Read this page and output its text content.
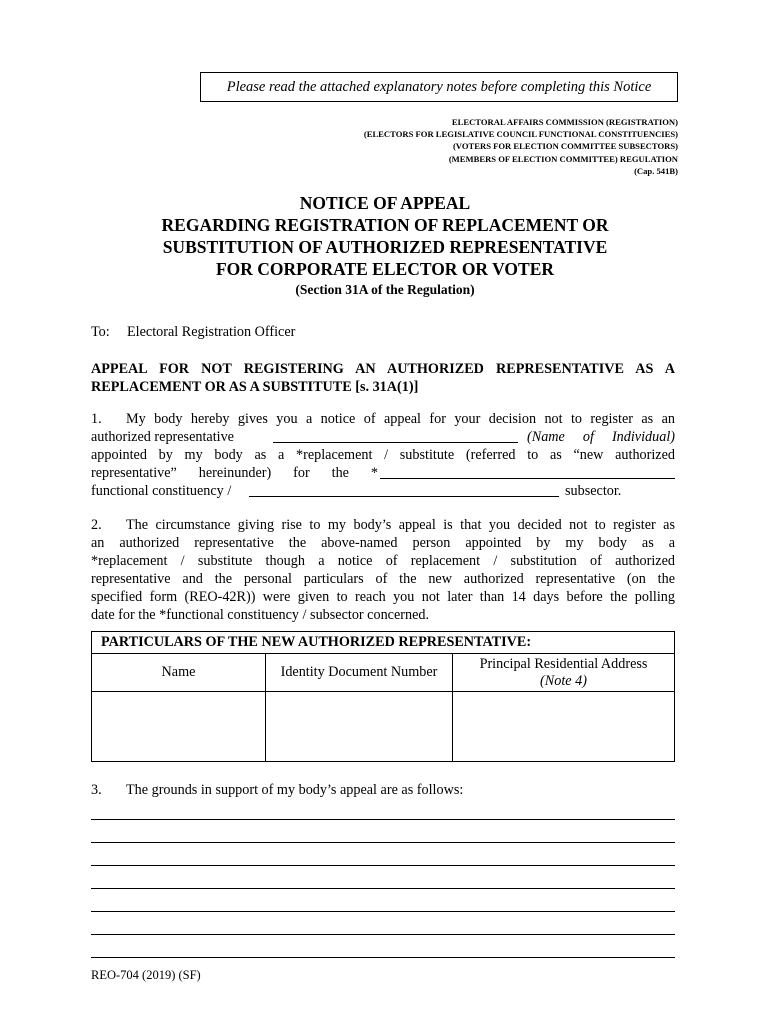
Please read the attached explanatory notes before completing this Notice
ELECTORAL AFFAIRS COMMISSION (REGISTRATION)
(ELECTORS FOR LEGISLATIVE COUNCIL FUNCTIONAL CONSTITUENCIES)
(VOTERS FOR ELECTION COMMITTEE SUBSECTORS)
(MEMBERS OF ELECTION COMMITTEE) REGULATION
(Cap. 541B)
NOTICE OF APPEAL
REGARDING REGISTRATION OF REPLACEMENT OR
SUBSTITUTION OF AUTHORIZED REPRESENTATIVE
FOR CORPORATE ELECTOR OR VOTER
(Section 31A of the Regulation)
To: Electoral Registration Officer
APPEAL FOR NOT REGISTERING AN AUTHORIZED REPRESENTATIVE AS A
REPLACEMENT OR AS A SUBSTITUTE [s. 31A(1)]
1. My body hereby gives you a notice of appeal for your decision not to register as an
authorized representative	(Name of Individual)
appointed by my body as a *replacement / substitute (referred to as “new authorized
representative” hereinunder) for the *
functional constituency /	subsector.
2. The circumstance giving rise to my body’s appeal is that you decided not to register as
an authorized representative the above-named person appointed by my body as a
*replacement / substitute though a notice of replacement / substitution of authorized
representative and the personal particulars of the new authorized representative (on the
specified form (REO-42R)) were given to reach you not later than 14 days before the polling
date for the *functional constituency / subsector concerned.
PARTICULARS OF THE NEW AUTHORIZED REPRESENTATIVE:		
Name	Identity Document Number	Principal Residential Address
(Note 4)

3. The grounds in support of my body’s appeal are as follows:
REO-704 (2019) (SF)
